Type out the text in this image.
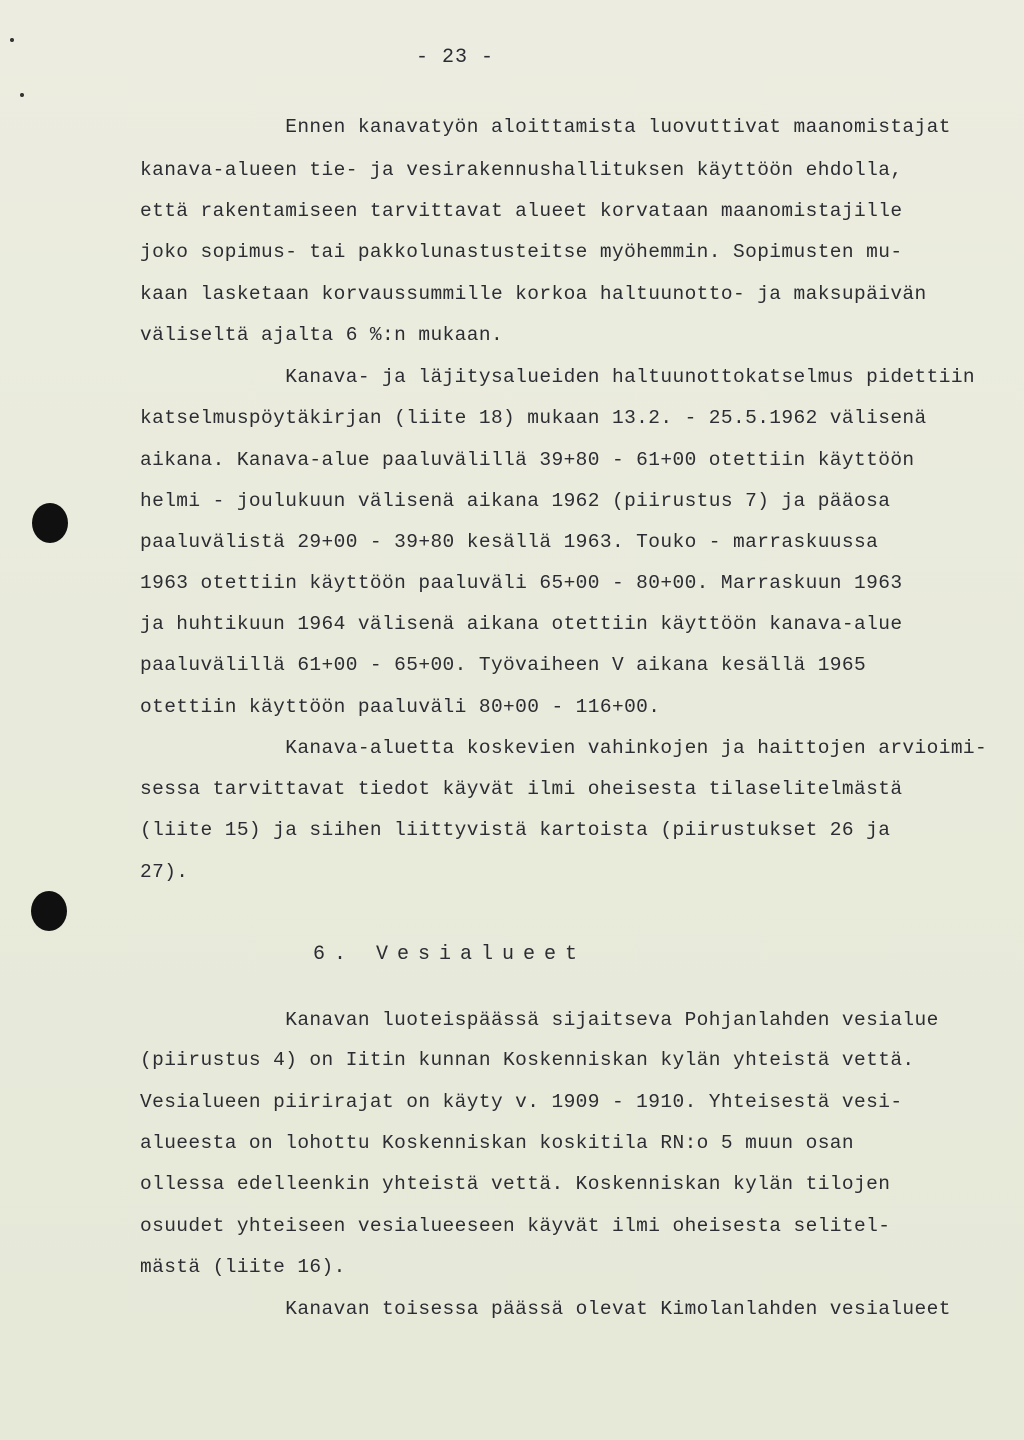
- 23 -

Ennen kanavatyön aloittamista luovuttivat maanomistajat

kanava-alueen tie- ja vesirakennushallituksen käyttöön ehdolla,

että rakentamiseen tarvittavat alueet korvataan maanomistajille

joko sopimus- tai pakkolunastusteitse myöhemmin. Sopimusten mu-

kaan lasketaan korvaussummille korkoa haltuunotto- ja maksupäivän

väliseltä ajalta 6 %:n mukaan.

Kanava- ja läjitysalueiden haltuunottokatselmus pidettiin

katselmuspöytäkirjan (liite 18) mukaan 13.2. - 25.5.1962 välisenä

aikana. Kanava-alue paaluvälillä 39+80 - 61+00 otettiin käyttöön

helmi - joulukuun välisenä aikana 1962 (piirustus 7) ja pääosa

paaluvälistä 29+00 - 39+80 kesällä 1963. Touko - marraskuussa

1963 otettiin käyttöön paaluväli 65+00 - 80+00. Marraskuun 1963

ja huhtikuun 1964 välisenä aikana otettiin käyttöön kanava-alue

paaluvälillä 61+00 - 65+00. Työvaiheen V aikana kesällä 1965

otettiin käyttöön paaluväli 80+00 - 116+00.

Kanava-aluetta koskevien vahinkojen ja haittojen arvioimi-

sessa tarvittavat tiedot käyvät ilmi oheisesta tilaselitelmästä

(liite 15) ja siihen liittyvistä kartoista (piirustukset 26 ja

27).

6. Vesialueet

Kanavan luoteispäässä sijaitseva Pohjanlahden vesialue

(piirustus 4) on Iitin kunnan Koskenniskan kylän yhteistä vettä.

Vesialueen piirirajat on käyty v. 1909 - 1910. Yhteisestä vesi-

alueesta on lohottu Koskenniskan koskitila RN:o 5 muun osan

ollessa edelleenkin yhteistä vettä. Koskenniskan kylän tilojen

osuudet yhteiseen vesialueeseen käyvät ilmi oheisesta selitel-

mästä (liite 16).

Kanavan toisessa päässä olevat Kimolanlahden vesialueet
